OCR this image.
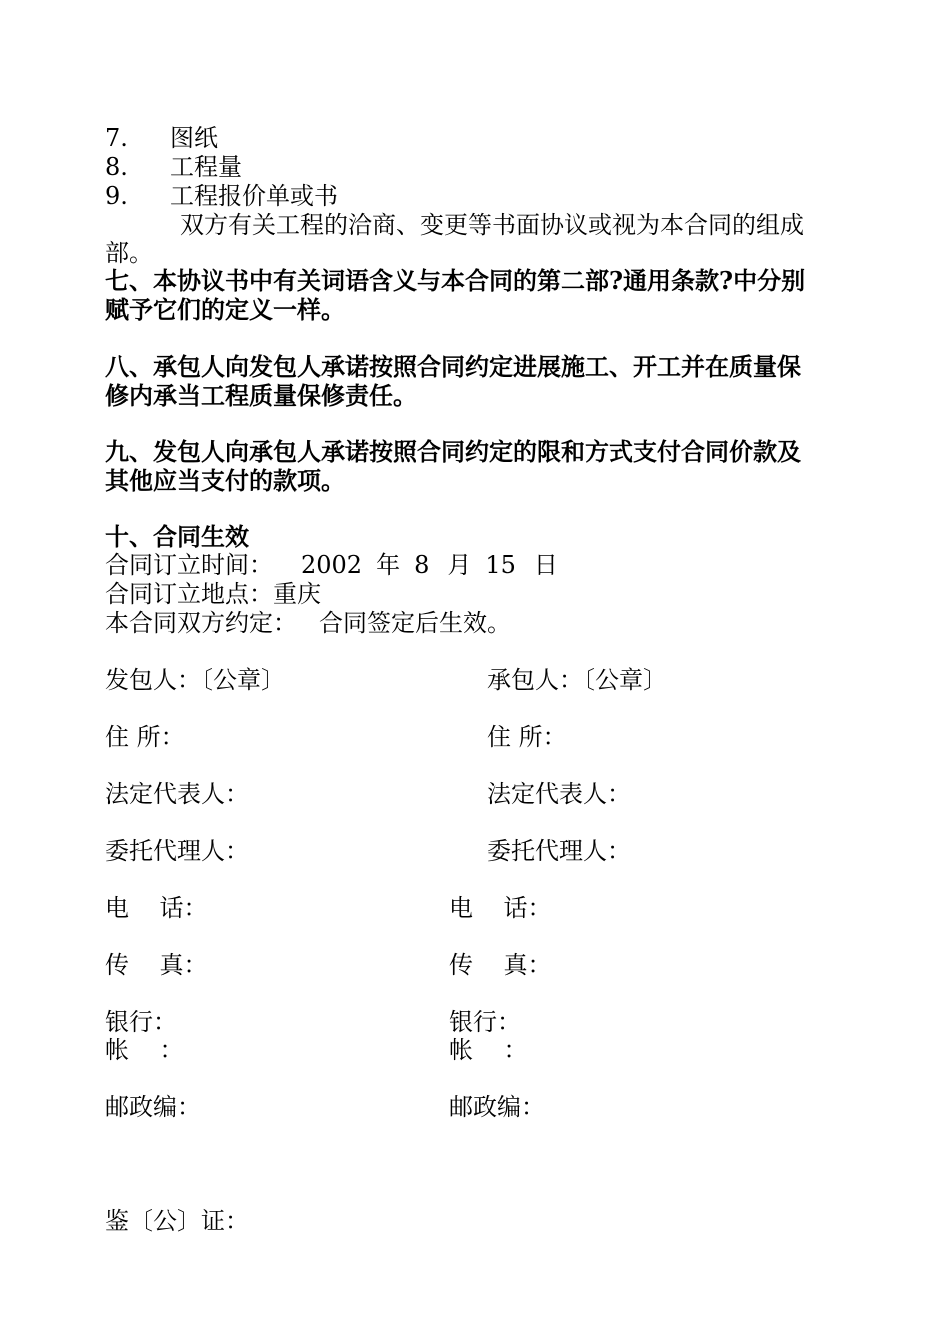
7. 图纸
8. 工程量
9. 工程报价单或书
双方有关工程的洽商、变更等书面协议或视为本合同的组成
部。
七、本协议书中有关词语含义与本合同的第二部?通用条款?中分别
赋予它们的定义一样。
八、承包人向发包人承诺按照合同约定进展施工、开工并在质量保
修内承当工程质量保修责任。
九、发包人向承包人承诺按照合同约定的限和方式支付合同价款及
其他应当支付的款项。
十、合同生效
合同订立时间： 2002 年 8 月 15 日
合同订立地点：重庆
本合同双方约定： 合同签定后生效。
发包人：〔公章〕	承包人：〔公章〕
住 所：	住 所：
法定代表人：	法定代表人：
委托代理人：	委托代理人：
电    话：	电    话：
传    真：	传    真：
银行：	银行：
帐    ：	帐    ：
邮政编：	邮政编：
鉴〔公〕证：
